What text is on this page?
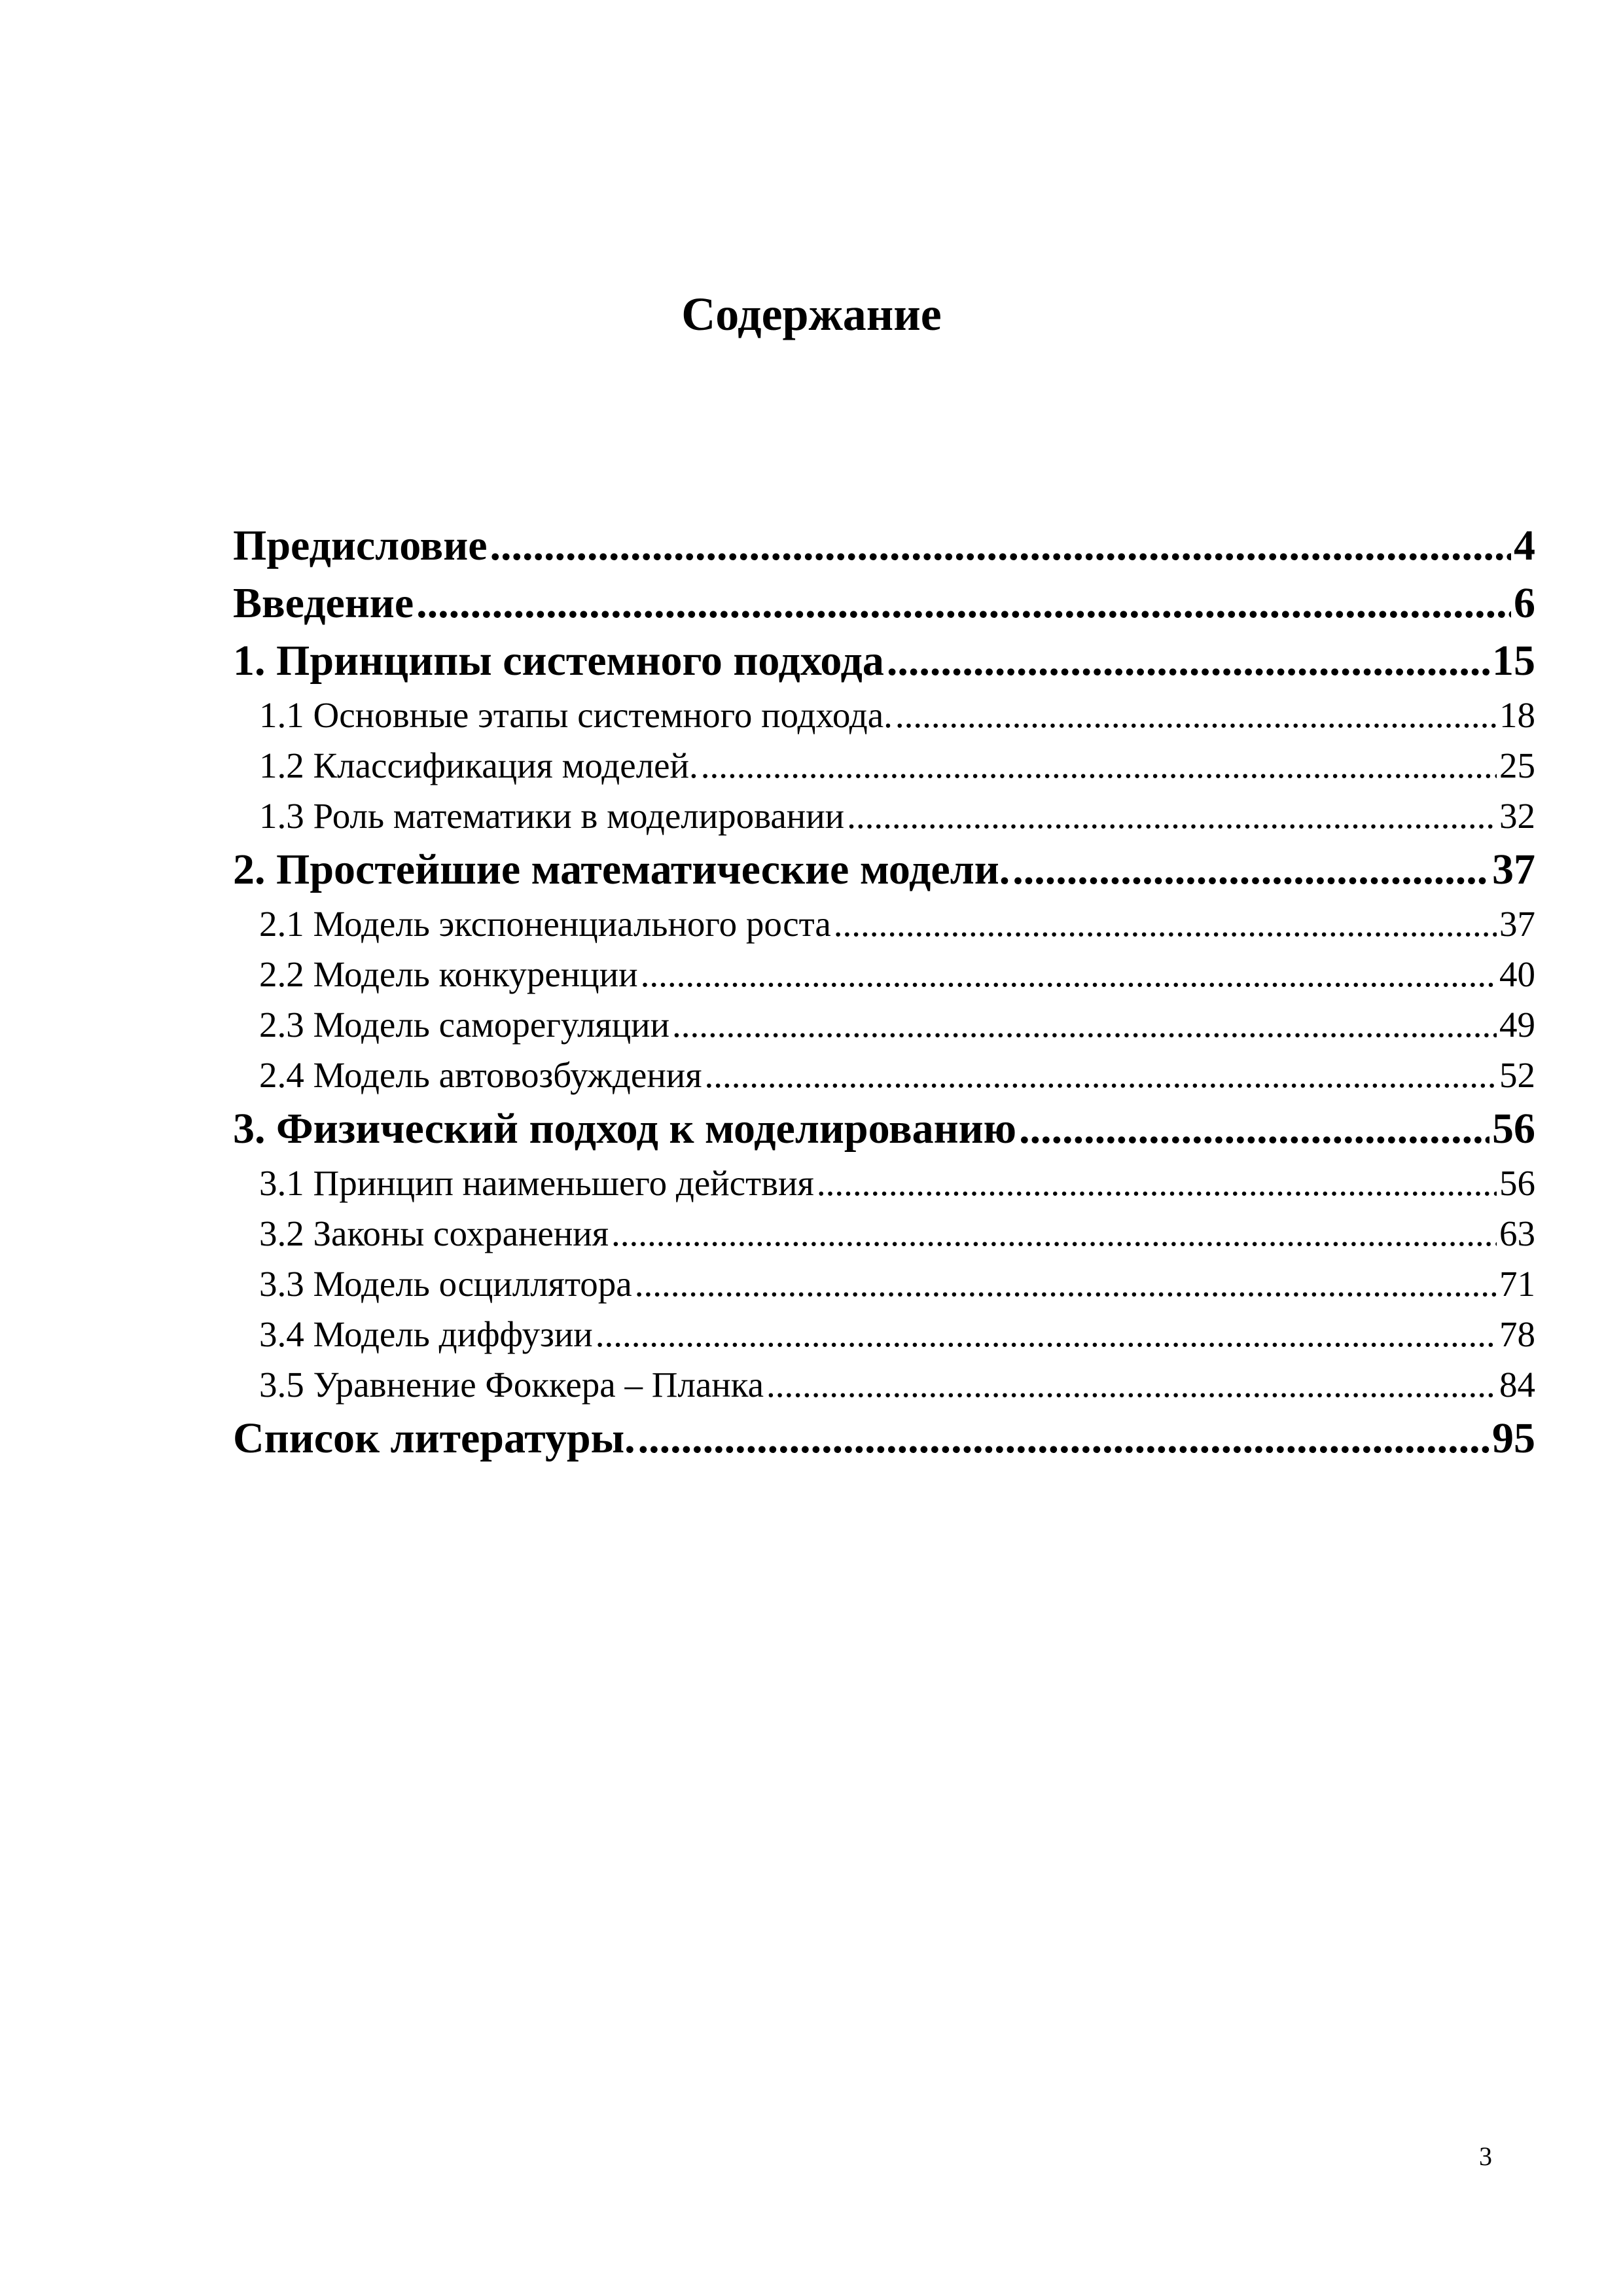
Содержание
Предисловие .....	4
Введение .....	6
1. Принципы системного подхода .....	15
1.1 Основные этапы системного подхода. .....	18
1.2 Классификация моделей. .....	25
1.3 Роль математики в моделировании .....	32
2. Простейшие математические модели. .....	37
2.1 Модель экспоненциального роста .....	37
2.2 Модель конкуренции .....	40
2.3 Модель саморегуляции .....	49
2.4 Модель автовозбуждения .....	52
3. Физический подход к моделированию .....	56
3.1 Принцип наименьшего действия .....	56
3.2 Законы сохранения .....	63
3.3 Модель осциллятора .....	71
3.4 Модель диффузии .....	78
3.5 Уравнение Фоккера – Планка .....	84
Список литературы. .....	95
3
